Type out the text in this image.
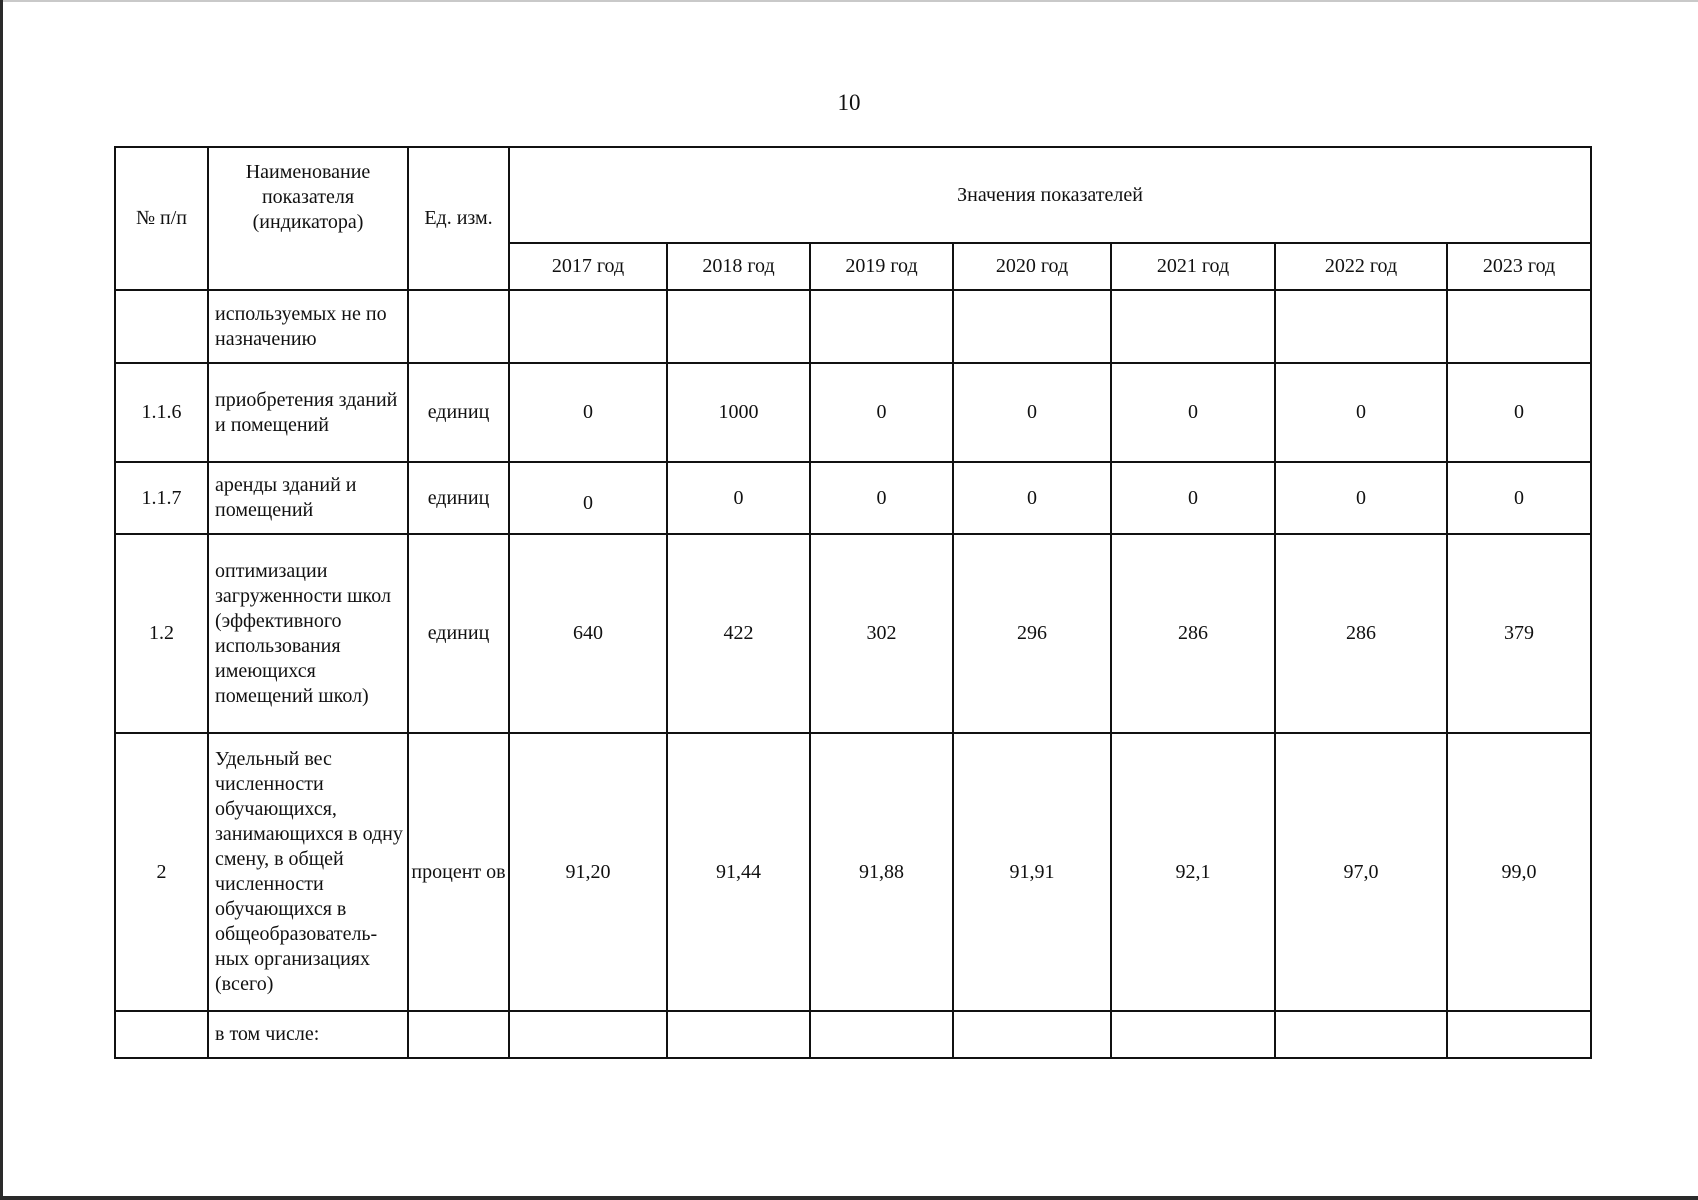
10
№ п/п	Наименование показателя (индикатора)	Ед. изм.	Значения показателей						
			2017 год	2018 год	2019 год	2020 год	2021 год	2022 год	2023 год
	используемых не по назначению								
1.1.6	приобретения зданий и помещений	единиц	0	1000	0	0	0	0	0
1.1.7	аренды зданий и помещений	единиц	0	0	0	0	0	0	0
1.2	оптимизации загруженности школ (эффективного использования имеющихся помещений школ)	единиц	640	422	302	296	286	286	379
2	Удельный вес численности обучающихся, занимающихся в одну смену, в общей численности обучающихся в общеобразователь-ных организациях (всего)	процент ов	91,20	91,44	91,88	91,91	92,1	97,0	99,0
	в том числе:								
